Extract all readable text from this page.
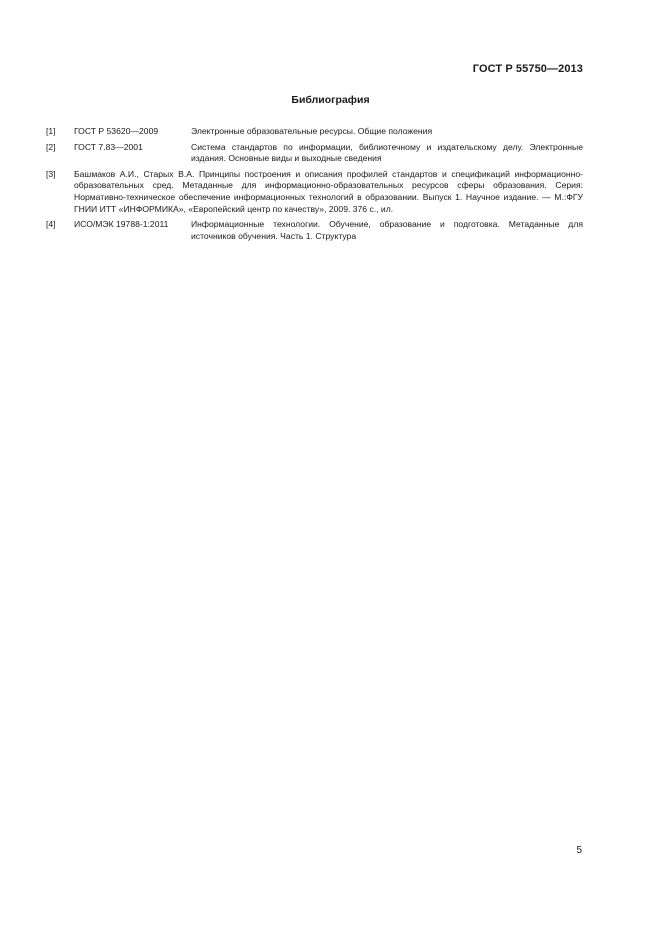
ГОСТ Р 55750—2013
Библиография
[1]	ГОСТ Р 53620—2009	Электронные образовательные ресурсы. Общие положения
[2]	ГОСТ 7.83—2001	Система стандартов по информации, библиотечному и издательскому делу. Электронные издания. Основные виды и выходные сведения
[3]	Башмаков А.И., Старых В.А. Принципы построения и описания профилей стандартов и спецификаций информационно-образовательных сред. Метаданные для информационно-образовательных ресурсов сферы образования. Серия: Нормативно-техническое обеспечение информационных технологий в образовании. Выпуск 1. Научное издание. — М.:ФГУ ГНИИ ИТТ «ИНФОРМИКА», «Европейский центр по качеству», 2009. 376 с., ил.
[4]	ИСО/МЭК 19788-1:2011	Информационные технологии. Обучение, образование и подготовка. Метаданные для источников обучения. Часть 1. Структура
5
